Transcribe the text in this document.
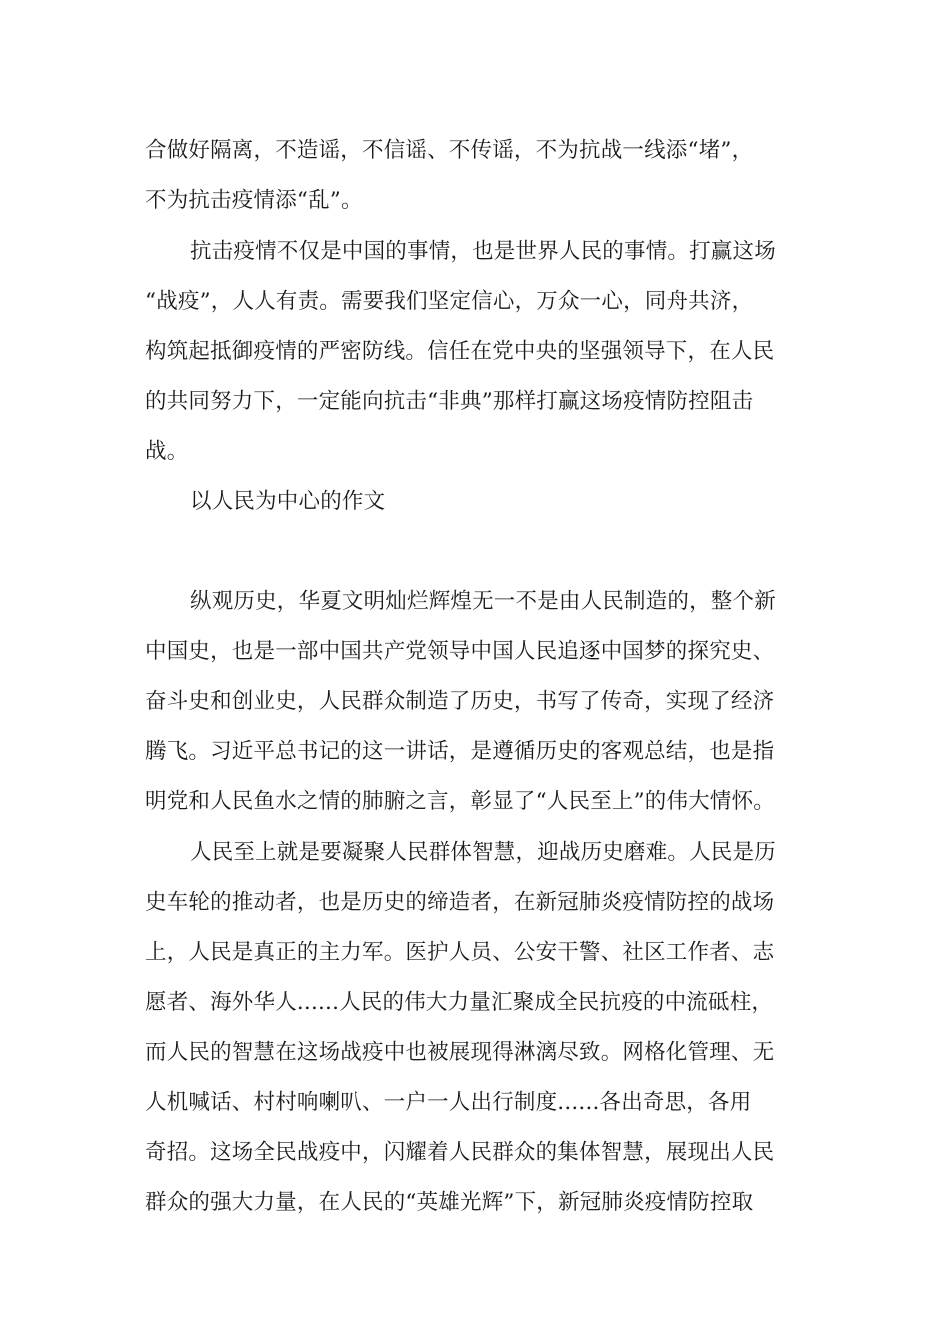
合做好隔离，不造谣，不信谣、不传谣，不为抗战一线添“堵”，
不为抗击疫情添“乱”。
抗击疫情不仅是中国的事情，也是世界人民的事情。打赢这场
“战疫”，人人有责。需要我们坚定信心，万众一心，同舟共济，
构筑起抵御疫情的严密防线。信任在党中央的坚强领导下，在人民
的共同努力下，一定能向抗击“非典”那样打赢这场疫情防控阻击
战。
以人民为中心的作文
纵观历史，华夏文明灿烂辉煌无一不是由人民制造的，整个新
中国史，也是一部中国共产党领导中国人民追逐中国梦的探究史、
奋斗史和创业史，人民群众制造了历史，书写了传奇，实现了经济
腾飞。习近平总书记的这一讲话，是遵循历史的客观总结，也是指
明党和人民鱼水之情的肺腑之言，彰显了“人民至上”的伟大情怀。
人民至上就是要凝聚人民群体智慧，迎战历史磨难。人民是历
史车轮的推动者，也是历史的缔造者，在新冠肺炎疫情防控的战场
上，人民是真正的主力军。医护人员、公安干警、社区工作者、志
愿者、海外华人......人民的伟大力量汇聚成全民抗疫的中流砥柱，
而人民的智慧在这场战疫中也被展现得淋漓尽致。网格化管理、无
人机喊话、村村响喇叭、一户一人出行制度......各出奇思，各用
奇招。这场全民战疫中，闪耀着人民群众的集体智慧，展现出人民
群众的强大力量，在人民的“英雄光辉”下，新冠肺炎疫情防控取
